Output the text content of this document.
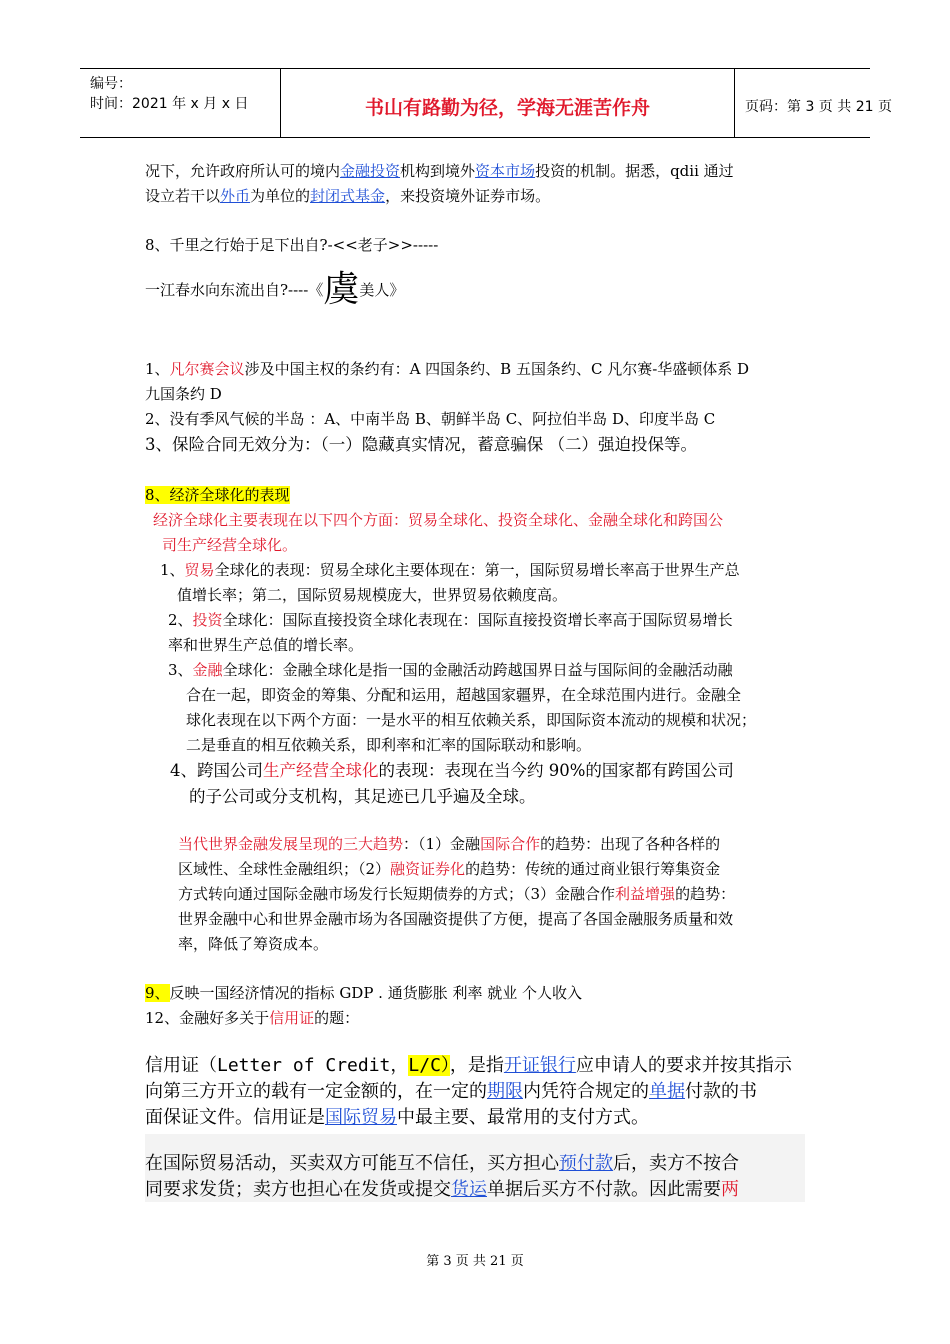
编号：
时间：2021 年 x 月 x 日	书山有路勤为径，学海无涯苦作舟	页码：第 3 页 共 21 页
况下，允许政府所认可的境内金融投资机构到境外资本市场投资的机制。据悉，qdii 通过
设立若干以外币为单位的封闭式基金，来投资境外证券市场。
8、千里之行始于足下出自?-<<老子>>-----
一江春水向东流出自?----《虞美人》
1、凡尔赛会议涉及中国主权的条约有：A 四国条约、B 五国条约、C 凡尔赛-华盛顿体系 D
九国条约 D
2、没有季风气候的半岛 ：A、中南半岛 B、朝鲜半岛 C、阿拉伯半岛 D、印度半岛 C
3、保险合同无效分为：（一）隐藏真实情况，蓄意骗保 （二）强迫投保等。
8、经济全球化的表现
经济全球化主要表现在以下四个方面：贸易全球化、投资全球化、金融全球化和跨国公
司生产经营全球化。
1、贸易全球化的表现：贸易全球化主要体现在：第一，国际贸易增长率高于世界生产总
值增长率；第二，国际贸易规模庞大，世界贸易依赖度高。
2、投资全球化：国际直接投资全球化表现在：国际直接投资增长率高于国际贸易增长
率和世界生产总值的增长率。
3、金融全球化：金融全球化是指一国的金融活动跨越国界日益与国际间的金融活动融
合在一起，即资金的筹集、分配和运用，超越国家疆界，在全球范围内进行。金融全
球化表现在以下两个方面：一是水平的相互依赖关系，即国际资本流动的规模和状况；
二是垂直的相互依赖关系，即利率和汇率的国际联动和影响。
4、跨国公司生产经营全球化的表现：表现在当今约 90%的国家都有跨国公司
的子公司或分支机构，其足迹已几乎遍及全球。
当代世界金融发展呈现的三大趋势：（1）金融国际合作的趋势：出现了各种各样的
区域性、全球性金融组织；（2）融资证券化的趋势：传统的通过商业银行筹集资金
方式转向通过国际金融市场发行长短期债券的方式；（3）金融合作利益增强的趋势：
世界金融中心和世界金融市场为各国融资提供了方便，提高了各国金融服务质量和效
率，降低了筹资成本。
9、反映一国经济情况的指标 GDP . 通货膨胀 利率 就业 个人收入
12、金融好多关于信用证的题：
信用证（Letter of Credit，L/C），是指开证银行应申请人的要求并按其指示
向第三方开立的载有一定金额的，在一定的期限内凭符合规定的单据付款的书
面保证文件。信用证是国际贸易中最主要、最常用的支付方式。
在国际贸易活动，买卖双方可能互不信任，买方担心预付款后，卖方不按合
同要求发货；卖方也担心在发货或提交货运单据后买方不付款。因此需要两
第 3 页 共 21 页
